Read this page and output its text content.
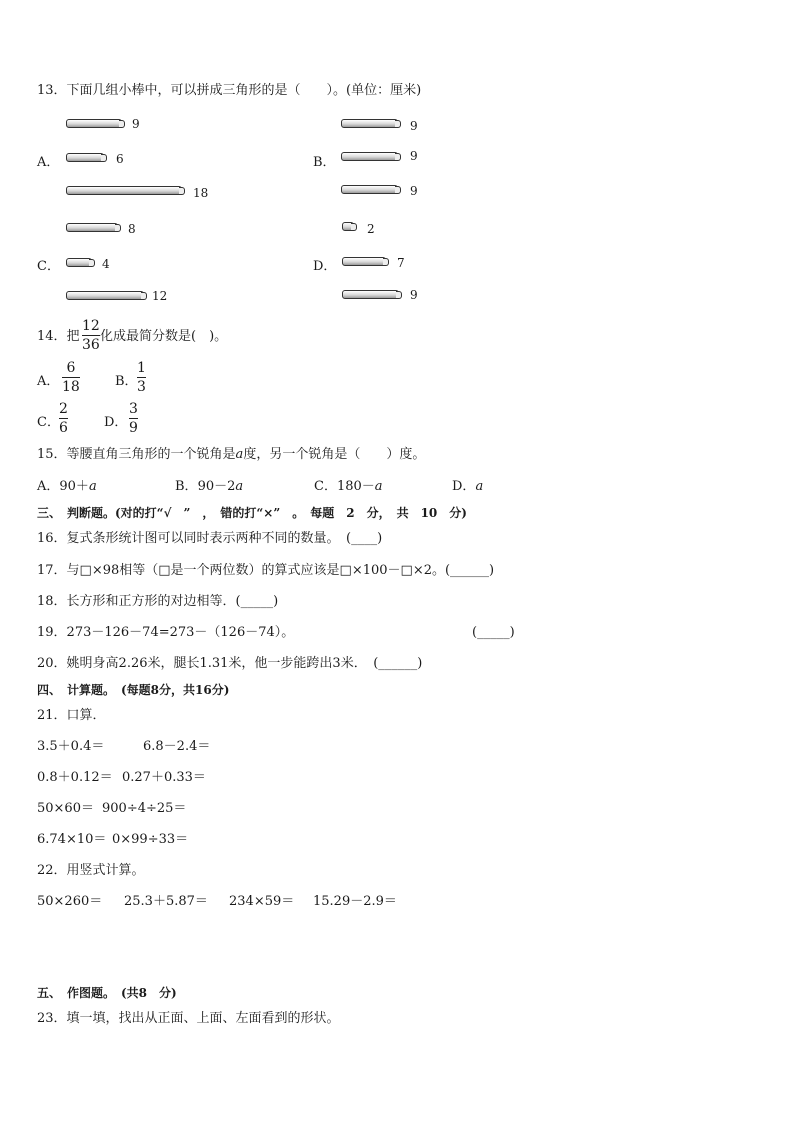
13．下面几组小棒中，可以拼成三角形的是（　　）。(单位：厘米)
A．
9
6
18
B．
9
9
9
C．
8
4
12
D．
2
7
9
14．把
12
36
化成最简分数是(　)。
A．
6
18	B．
1
3
C．
2
6	D．
3
9
15．等腰直角三角形的一个锐角是a度，另一个锐角是（　　）度。
A．90＋a	B．90－2a	C．180－a	D．a
三、　判断题。(对的打“√　”　，　错的打“×”　。　每题　2　分，　共　10　分)
16．复式条形统计图可以同时表示两种不同的数量。　(____)
17．与□×98相等（□是一个两位数）的算式应该是□×100－□×2。(______)
18．长方形和正方形的对边相等．(_____)
19．273－126－74=273－（126－74）。	(_____)
20．姚明身高2.26米，腿长1.31米，他一步能跨出3米．　(______)
四、　计算题。　(每题8分，共16分)
21．口算．
3.5＋0.4＝	6.8－2.4＝
0.8＋0.12＝ 0.27＋0.33＝
50×60＝ 900÷4÷25＝
6.74×10＝ 0×99÷33＝
22．用竖式计算。
50×260＝ 25.3＋5.87＝ 234×59＝ 15.29－2.9＝
五、　作图题。　(共8　分)
23．填一填，找出从正面、上面、左面看到的形状。
